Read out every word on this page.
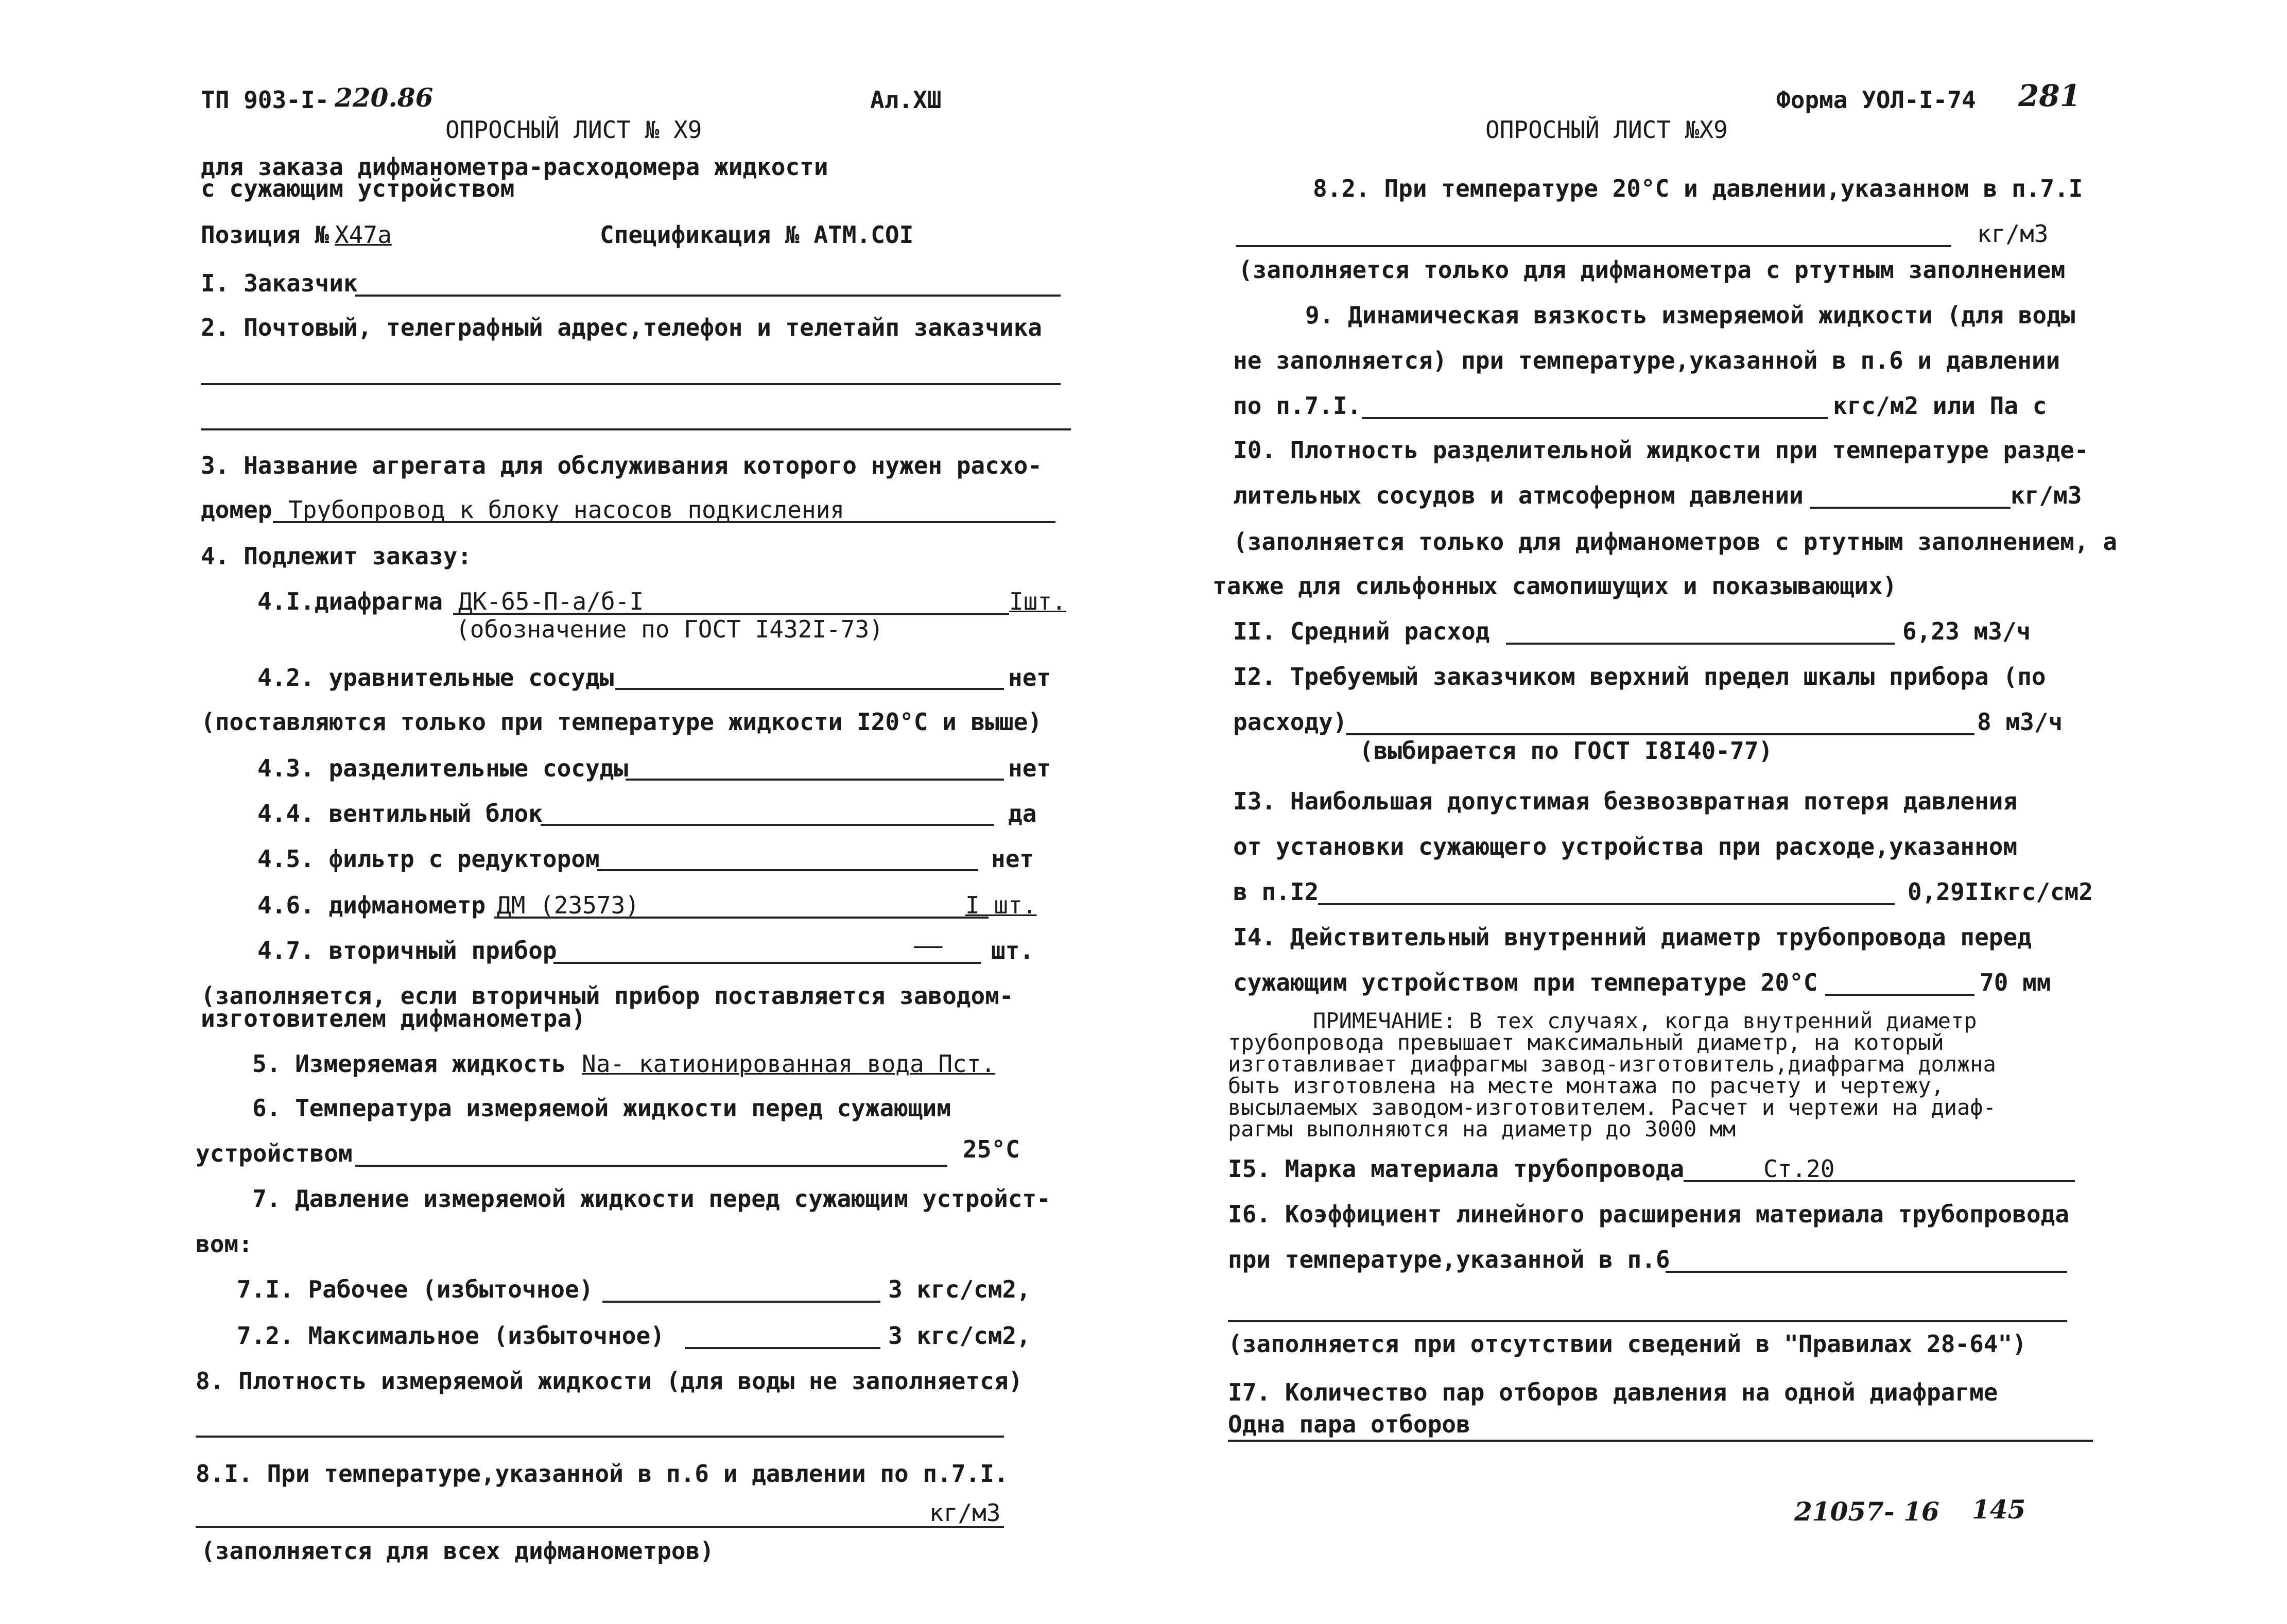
ТП 903-I- 220.86	Ал.XШ
ОПРОСНЫЙ ЛИСТ № Х9
для заказа дифманометра-расходомера жидкости
с сужающим устройством
Позиция № Х47а	Спецификация № АТМ.СОI
I. Заказчик
2. Почтовый, телеграфный адрес,телефон и телетайп заказчика
3. Название агрегата для обслуживания которого нужен расхо-
домер Трубопровод к блоку насосов подкисления
4. Подлежит заказу:
4.I.диафрагма ДК-65-П-а/б-I	Iшт.
(обозначение по ГОСТ I432I-73)
4.2. уравнительные сосуды	нет
(поставляются только при температуре жидкости I20°С и выше)
4.3. разделительные сосуды	нет
4.4. вентильный блок	да
4.5. фильтр с редуктором	нет
4.6. дифманометр ДМ (23573)	I шт.
4.7. вторичный прибор	—— шт.
(заполняется, если вторичный прибор поставляется заводом-
изготовителем дифманометра)
5. Измеряемая жидкость Na- катионированная вода Пст.
6. Температура измеряемой жидкости перед сужающим
устройством	25°С
7. Давление измеряемой жидкости перед сужающим устройст-
вом:
7.I. Рабочее (избыточное)	3 кгс/см2,
7.2. Максимальное (избыточное)	3 кгс/см2,
8. Плотность измеряемой жидкости (для воды не заполняется)
8.I. При температуре,указанной в п.6 и давлении по п.7.I.
кг/м3
(заполняется для всех дифманометров)
Форма УОЛ-I-74 281
ОПРОСНЫЙ ЛИСТ №Х9
8.2. При температуре 20°С и давлении,указанном в п.7.I
кг/м3
(заполняется только для дифманометра с ртутным заполнением
9. Динамическая вязкость измеряемой жидкости (для воды
не заполняется) при температуре,указанной в п.6 и давлении
по п.7.I.	кгс/м2 или Па с
I0. Плотность разделительной жидкости при температуре разде-
лительных сосудов и атмсоферном давлении	кг/м3
(заполняется только для дифманометров с ртутным заполнением, а
также для сильфонных самопишущих и показывающих)
II. Средний расход	6,23 м3/ч
I2. Требуемый заказчиком верхний предел шкалы прибора (по
расходу)	8 м3/ч
(выбирается по ГОСТ I8I40-77)
I3. Наибольшая допустимая безвозвратная потеря давления
от установки сужающего устройства при расходе,указанном
в п.I2	0,29IIкгс/см2
I4. Действительный внутренний диаметр трубопровода перед
сужающим устройством при температуре 20°С	70 мм
ПРИМЕЧАНИЕ: В тех случаях, когда внутренний диаметр
трубопровода превышает максимальный диаметр, на который
изготавливает диафрагмы завод-изготовитель,диафрагма должна
быть изготовлена на месте монтажа по расчету и чертежу,
высылаемых заводом-изготовителем. Расчет и чертежи на диаф-
рагмы выполняются на диаметр до 3000 мм
I5. Марка материала трубопровода	Ст.20
I6. Коэффициент линейного расширения материала трубопровода
при температуре,указанной в п.6
(заполняется при отсутствии сведений в "Правилах 28-64")
I7. Количество пар отборов давления на одной диафрагме
Одна пара отборов
21057- 16 145
